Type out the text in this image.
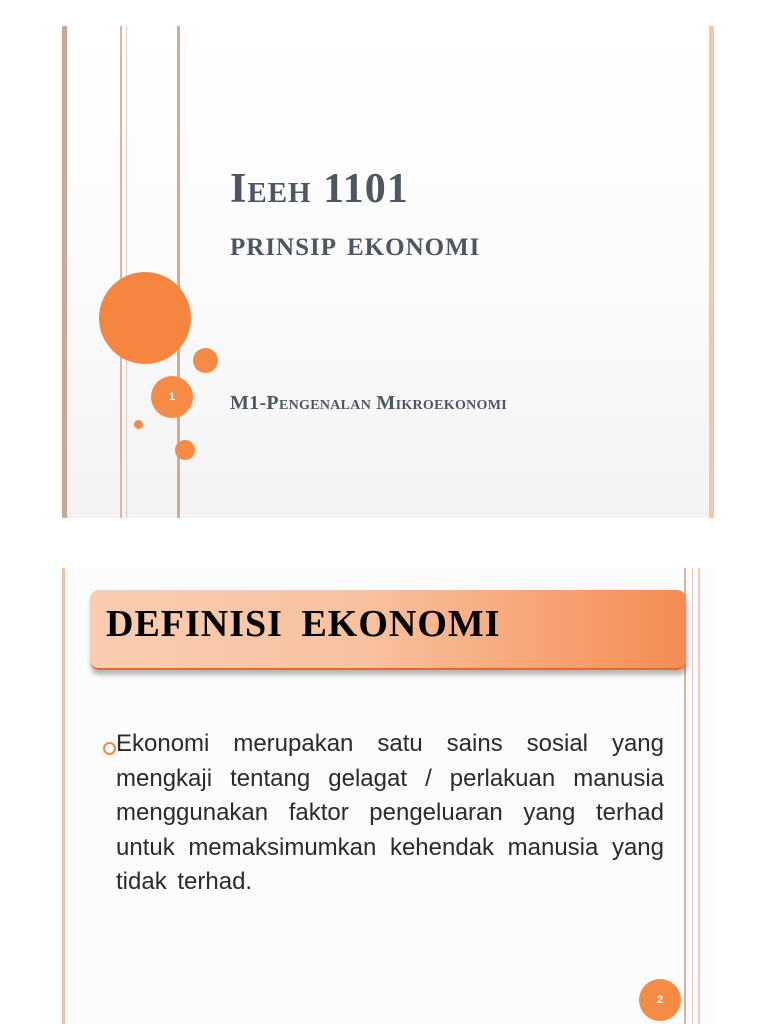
1
Ieeh 1101
prinsip ekonomi
M1-Pengenalan Mikroekonomi
DEFINISI EKONOMI

Ekonomi merupakan satu sains sosial yang mengkaji tentang gelagat / perlakuan manusia menggunakan faktor pengeluaran yang terhad untuk memaksimumkan kehendak manusia yang tidak terhad.

2
